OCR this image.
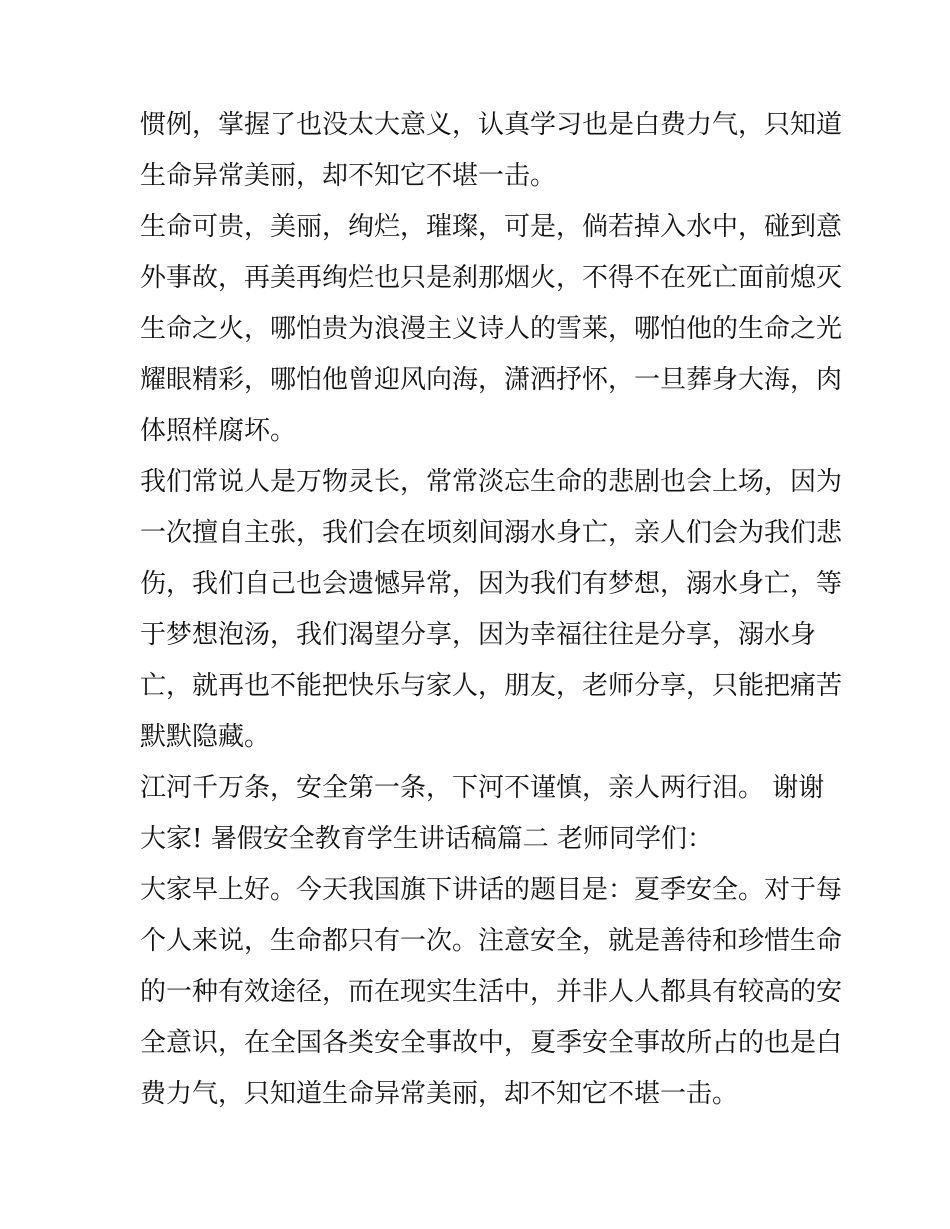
惯例，掌握了也没太大意义，认真学习也是白费力气，只知道
生命异常美丽，却不知它不堪一击。
生命可贵，美丽，绚烂，璀璨，可是，倘若掉入水中，碰到意
外事故，再美再绚烂也只是刹那烟火，不得不在死亡面前熄灭
生命之火，哪怕贵为浪漫主义诗人的雪莱，哪怕他的生命之光
耀眼精彩，哪怕他曾迎风向海，潇洒抒怀，一旦葬身大海，肉
体照样腐坏。
我们常说人是万物灵长，常常淡忘生命的悲剧也会上场，因为
一次擅自主张，我们会在顷刻间溺水身亡，亲人们会为我们悲
伤，我们自己也会遗憾异常，因为我们有梦想，溺水身亡，等
于梦想泡汤，我们渴望分享，因为幸福往往是分享，溺水身
亡，就再也不能把快乐与家人，朋友，老师分享，只能把痛苦
默默隐藏。
江河千万条，安全第一条，下河不谨慎，亲人两行泪。 谢谢
大家! 暑假安全教育学生讲话稿篇二 老师同学们：
大家早上好。今天我国旗下讲话的题目是：夏季安全。对于每
个人来说，生命都只有一次。注意安全，就是善待和珍惜生命
的一种有效途径，而在现实生活中，并非人人都具有较高的安
全意识，在全国各类安全事故中，夏季安全事故所占的也是白
费力气，只知道生命异常美丽，却不知它不堪一击。
